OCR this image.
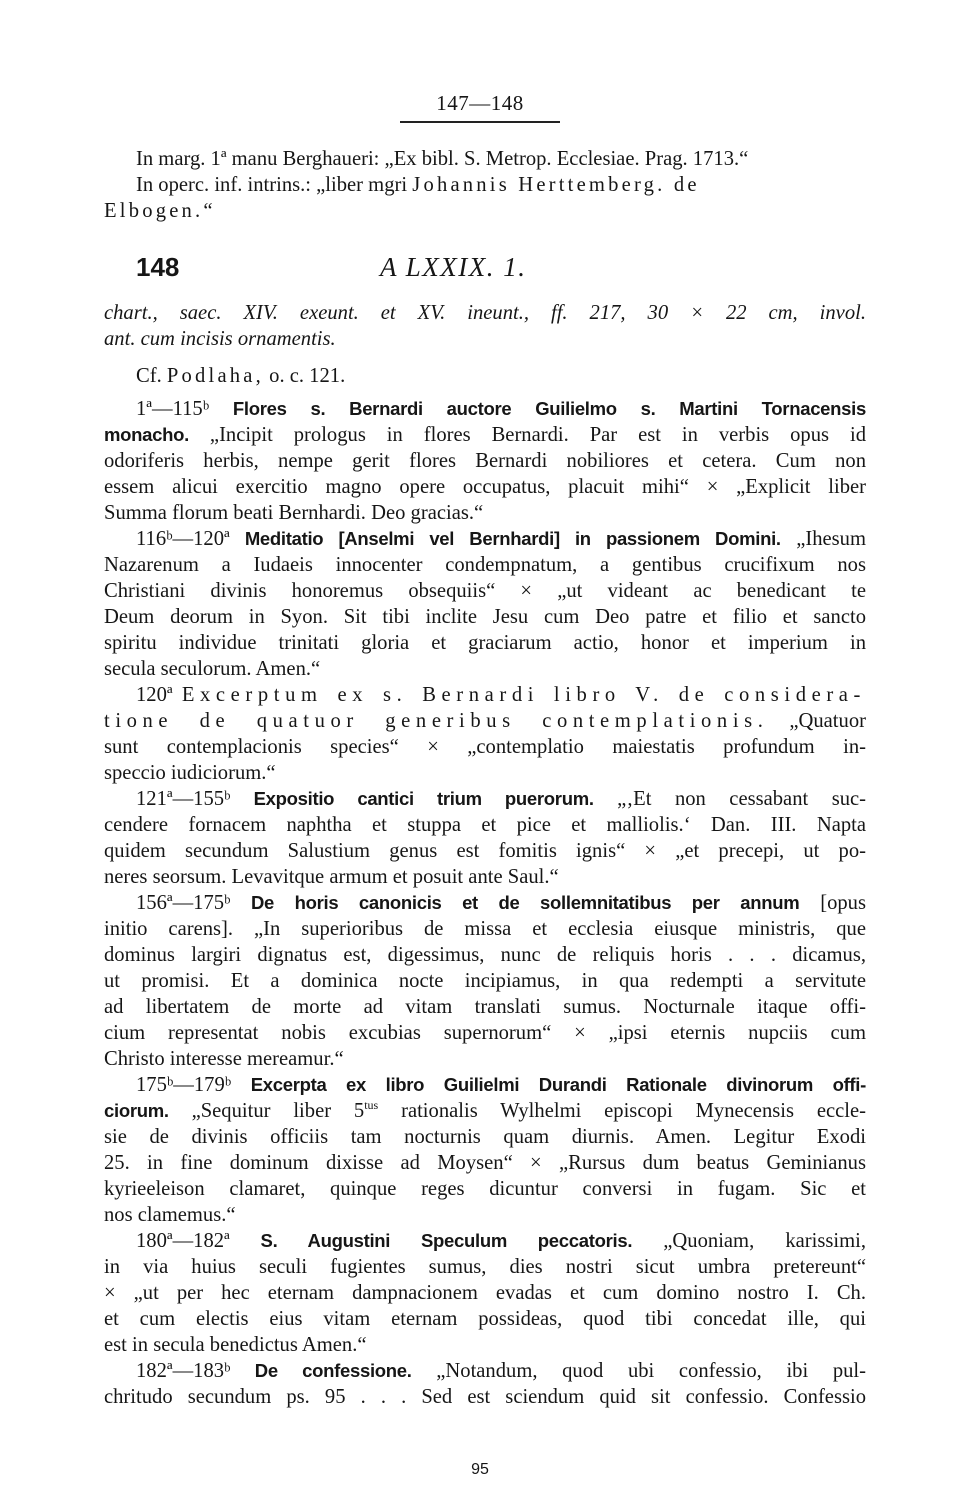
147—148
In marg. 1ª manu Berghaueri: „Ex bibl. S. Metrop. Ecclesiae. Prag. 1713.“
In operc. inf. intrins.: „liber mgri Johannis Herttemberg. de
Elbogen.“
148	A LXXIX. 1.
chart., saec. XIV. exeunt. et XV. ineunt., ff. 217, 30 × 22 cm, invol.
ant. cum incisis ornamentis.
Cf. Podlaha, o. c. 121.
1ª—115ᵇ Flores s. Bernardi auctore Guilielmo s. Martini Tornacensis
monacho. „Incipit prologus in flores Bernardi. Par est in verbis opus id
odoriferis herbis, nempe gerit flores Bernardi nobiliores et cetera. Cum non
essem alicui exercitio magno opere occupatus, placuit mihi“ × „Explicit liber
Summa florum beati Bernhardi. Deo gracias.“
116ᵇ—120ª Meditatio [Anselmi vel Bernhardi] in passionem Domini. „Ihesum
Nazarenum a Iudaeis innocenter condempnatum, a gentibus crucifixum nos
Christiani divinis honoremus obsequiis“ × „ut videant ac benedicant te
Deum deorum in Syon. Sit tibi inclite Jesu cum Deo patre et filio et sancto
spiritu individue trinitati gloria et graciarum actio, honor et imperium in
secula seculorum. Amen.“
120ª Excerptum ex s. Bernardi libro V. de considera-
tione de quatuor generibus contemplationis. „Quatuor
sunt contemplacionis species“ × „contemplatio maiestatis profundum in-
speccio iudiciorum.“
121ª—155ᵇ Expositio cantici trium puerorum. „‚Et non cessabant suc-
cendere fornacem naphtha et stuppa et pice et malliolis.‘ Dan. III. Napta
quidem secundum Salustium genus est fomitis ignis“ × „et precepi, ut po-
neres seorsum. Levavitque armum et posuit ante Saul.“
156ª—175ᵇ De horis canonicis et de sollemnitatibus per annum [opus
initio carens]. „In superioribus de missa et ecclesia eiusque ministris, que
dominus largiri dignatus est, digessimus, nunc de reliquis horis . . . dicamus,
ut promisi. Et a dominica nocte incipiamus, in qua redempti a servitute
ad libertatem de morte ad vitam translati sumus. Nocturnale itaque offi-
cium representat nobis excubias supernorum“ × „ipsi eternis nupciis cum
Christo interesse mereamur.“
175ᵇ—179ᵇ Excerpta ex libro Guilielmi Durandi Rationale divinorum offi-
ciorum. „Sequitur liber $5^{tus}$ rationalis Wylhelmi episcopi Mynecensis eccle-
sie de divinis officiis tam nocturnis quam diurnis. Amen. Legitur Exodi
25. in fine dominum dixisse ad Moysen“ × „Rursus dum beatus Geminianus
kyrieeleison clamaret, quinque reges dicuntur conversi in fugam. Sic et
nos clamemus.“
180ª—182ª S. Augustini Speculum peccatoris. „Quoniam, karissimi,
in via huius seculi fugientes sumus, dies nostri sicut umbra pretereunt“
× „ut per hec eternam dampnacionem evadas et cum domino nostro I. Ch.
et cum electis eius vitam eternam possideas, quod tibi concedat ille, qui
est in secula benedictus Amen.“
182ª—183ᵇ De confessione. „Notandum, quod ubi confessio, ibi pul-
chritudo secundum ps. 95 . . . Sed est sciendum quid sit confessio. Confessio
95
